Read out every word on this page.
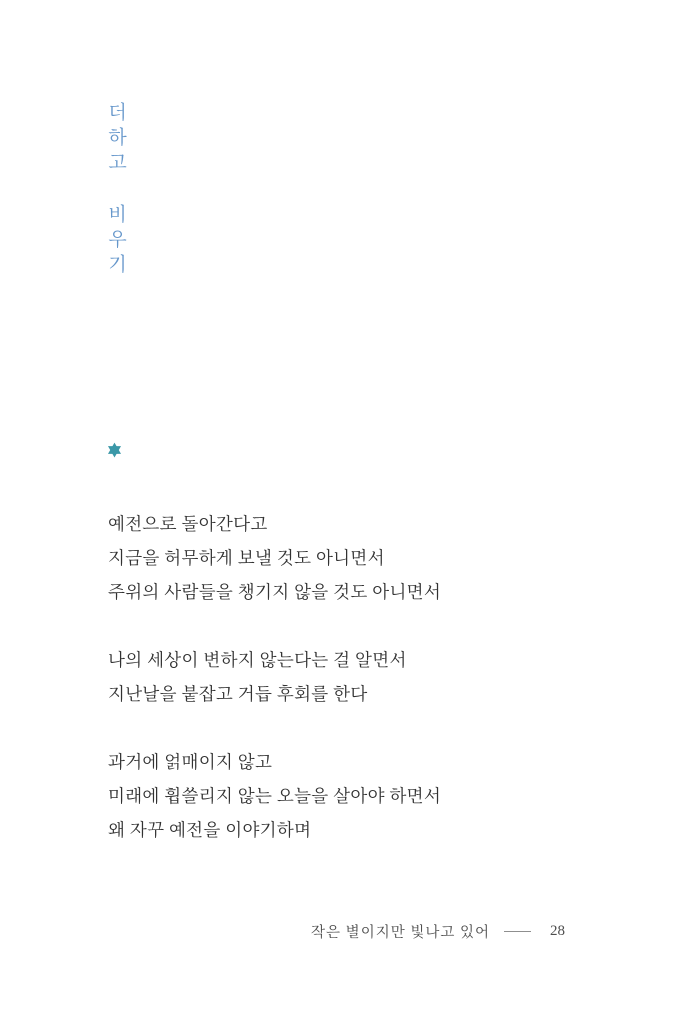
더하고 비우기
예전으로 돌아간다고
지금을 허무하게 보낼 것도 아니면서
주위의 사람들을 챙기지 않을 것도 아니면서
나의 세상이 변하지 않는다는 걸 알면서
지난날을 붙잡고 거듭 후회를 한다
과거에 얽매이지 않고
미래에 휩쓸리지 않는 오늘을 살아야 하면서
왜 자꾸 예전을 이야기하며
작은 별이지만 빛나고 있어	28
